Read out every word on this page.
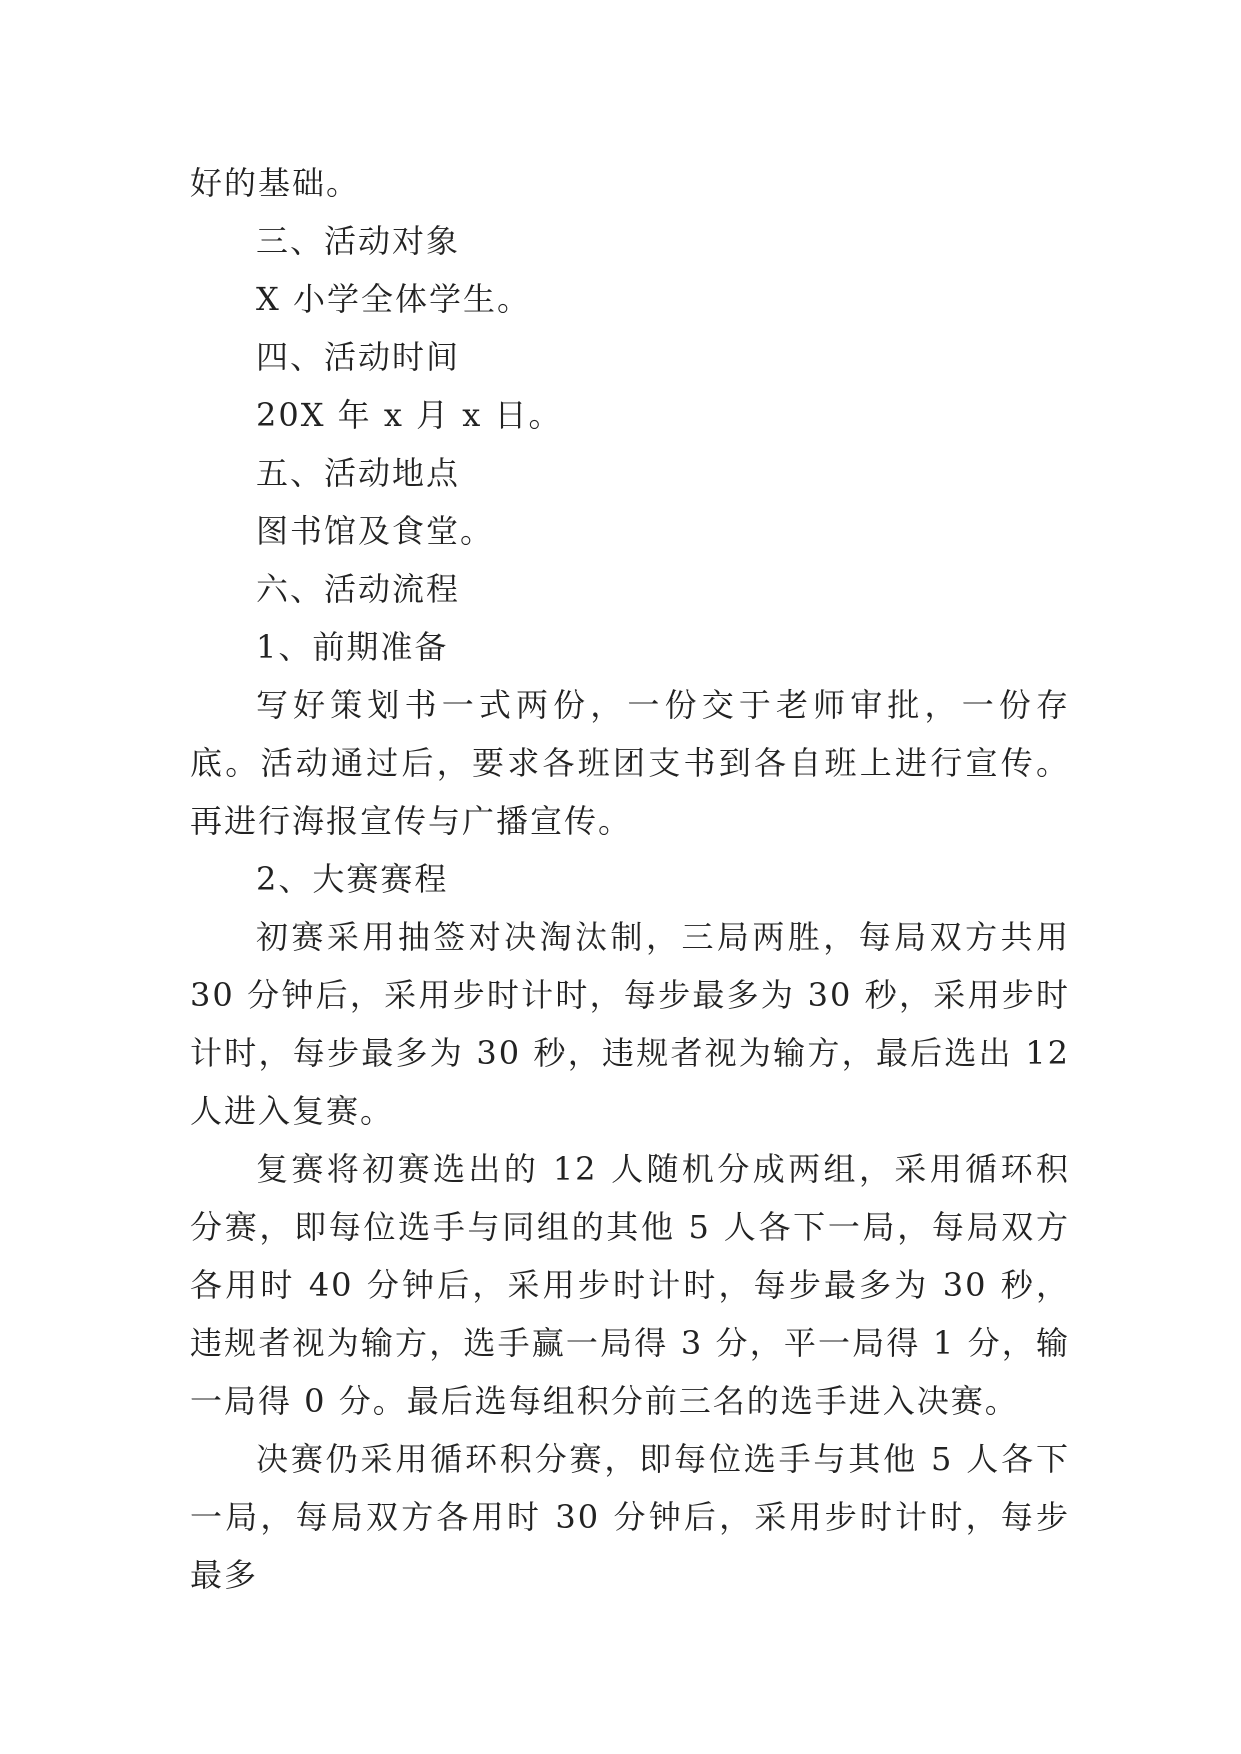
好的基础。

三、活动对象

X 小学全体学生。

四、活动时间

20X 年 x 月 x 日。

五、活动地点

图书馆及食堂。

六、活动流程

1、前期准备

写好策划书一式两份，一份交于老师审批，一份存底。活动通过后，要求各班团支书到各自班上进行宣传。再进行海报宣传与广播宣传。

2、大赛赛程

初赛采用抽签对决淘汰制，三局两胜，每局双方共用 30 分钟后，采用步时计时，每步最多为 30 秒，采用步时计时，每步最多为 30 秒，违规者视为输方，最后选出 12 人进入复赛。

复赛将初赛选出的 12 人随机分成两组，采用循环积分赛，即每位选手与同组的其他 5 人各下一局，每局双方各用时 40 分钟后，采用步时计时，每步最多为 30 秒，违规者视为输方，选手赢一局得 3 分，平一局得 1 分，输一局得 0 分。最后选每组积分前三名的选手进入决赛。

决赛仍采用循环积分赛，即每位选手与其他 5 人各下一局，每局双方各用时 30 分钟后，采用步时计时，每步最多
